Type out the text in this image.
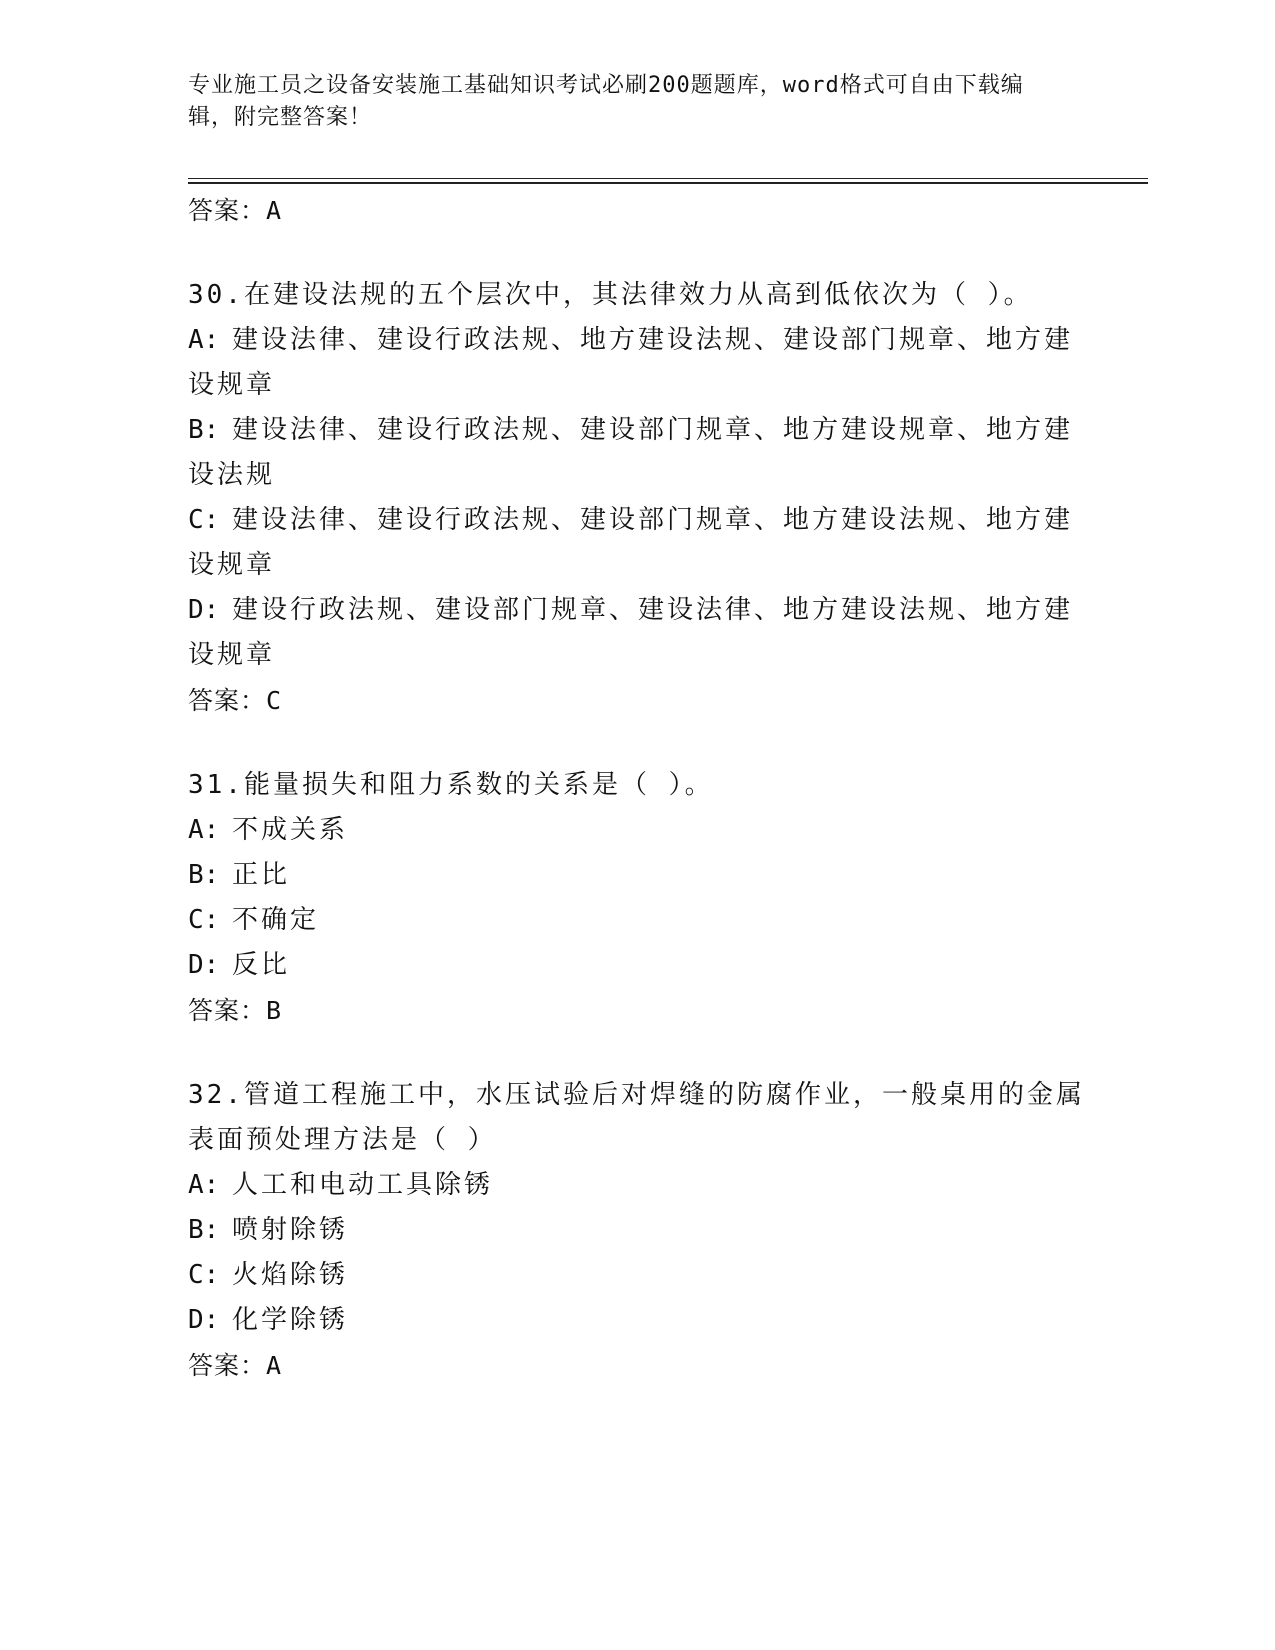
专业施工员之设备安装施工基础知识考试必刷200题题库，word格式可自由下载编辑，附完整答案！
答案：A
30.在建设法规的五个层次中，其法律效力从高到低依次为（ ）。
A: 建设法律、建设行政法规、地方建设法规、建设部门规章、地方建设规章
B: 建设法律、建设行政法规、建设部门规章、地方建设规章、地方建设法规
C: 建设法律、建设行政法规、建设部门规章、地方建设法规、地方建设规章
D: 建设行政法规、建设部门规章、建设法律、地方建设法规、地方建设规章
答案：C
31.能量损失和阻力系数的关系是（ ）。
A: 不成关系
B: 正比
C: 不确定
D: 反比
答案：B
32.管道工程施工中，水压试验后对焊缝的防腐作业，一般桌用的金属表面预处理方法是（ ）
A: 人工和电动工具除锈
B: 喷射除锈
C: 火焰除锈
D: 化学除锈
答案：A
